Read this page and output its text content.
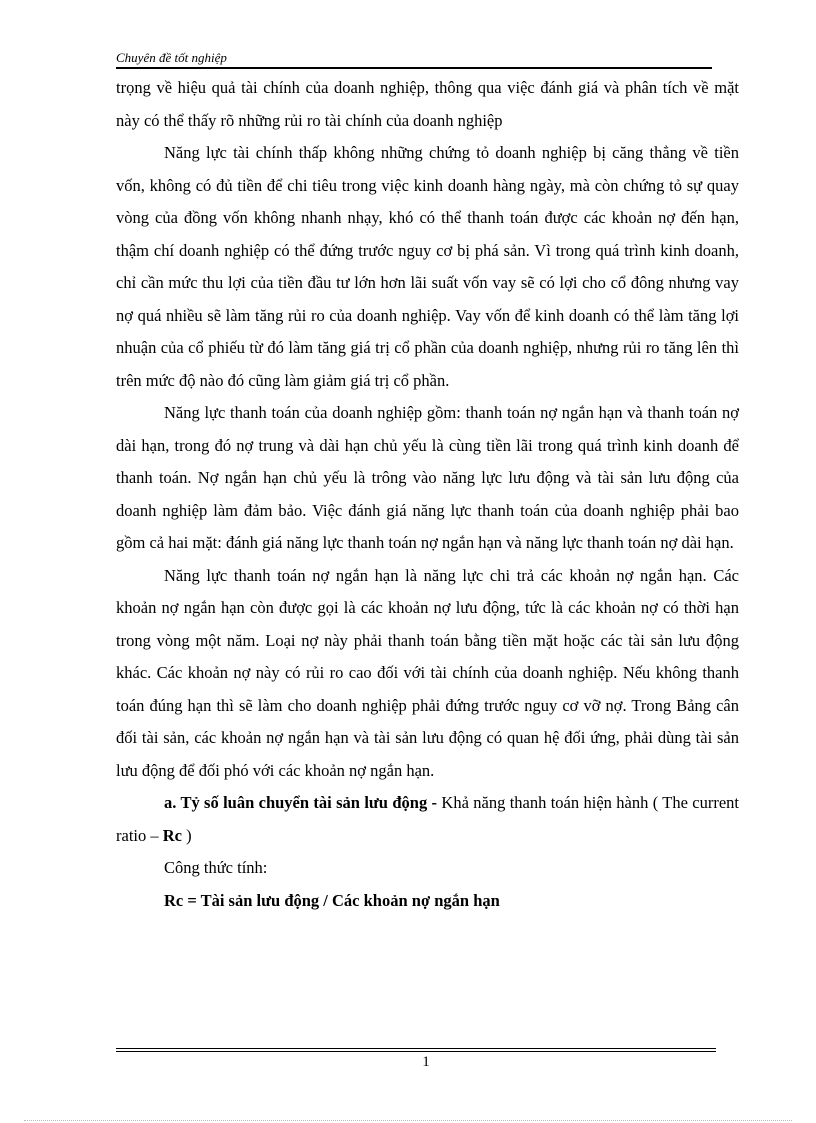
Chuyên đề tốt nghiệp

trọng về hiệu quả tài chính của doanh nghiệp, thông qua việc đánh giá và phân tích về mặt này có thể thấy rõ những rủi ro tài chính của doanh nghiệp

Năng lực tài chính thấp không những chứng tỏ doanh nghiệp bị căng thẳng về tiền vốn, không có đủ tiền để chi tiêu trong việc kinh doanh hàng ngày, mà còn chứng tỏ sự quay vòng của đồng vốn không nhanh nhạy, khó có thể thanh toán được các khoản nợ đến hạn, thậm chí doanh nghiệp có thể đứng trước nguy cơ bị phá sản. Vì trong quá trình kinh doanh, chỉ cần mức thu lợi của tiền đầu tư lớn hơn lãi suất vốn vay sẽ có lợi cho cổ đông nhưng vay nợ quá nhiều sẽ làm tăng rủi ro của doanh nghiệp. Vay vốn để kinh doanh có thể làm tăng lợi nhuận của cổ phiếu từ đó làm tăng giá trị cổ phần của doanh nghiệp, nhưng rủi ro tăng lên thì trên mức độ nào đó cũng làm giảm giá trị cổ phần.

Năng lực thanh toán của doanh nghiệp gồm: thanh toán nợ ngắn hạn và thanh toán nợ dài hạn, trong đó nợ trung và dài hạn chủ yếu là cùng tiền lãi trong quá trình kinh doanh để thanh toán. Nợ ngắn hạn chủ yếu là trông vào năng lực lưu động và tài sản lưu động của doanh nghiệp làm đảm bảo. Việc đánh giá năng lực thanh toán của doanh nghiệp phải bao gồm cả hai mặt: đánh giá năng lực thanh toán nợ ngắn hạn và năng lực thanh toán nợ dài hạn.

Năng lực thanh toán nợ ngắn hạn là năng lực chi trả các khoản nợ ngắn hạn. Các khoản nợ ngắn hạn còn được gọi là các khoản nợ lưu động, tức là các khoản nợ có thời hạn trong vòng một năm. Loại nợ này phải thanh toán bằng tiền mặt hoặc các tài sản lưu động khác. Các khoản nợ này có rủi ro cao đối với tài chính của doanh nghiệp. Nếu không thanh toán đúng hạn thì sẽ làm cho doanh nghiệp phải đứng trước nguy cơ vỡ nợ. Trong Bảng cân đối tài sản, các khoản nợ ngắn hạn và tài sản lưu động có quan hệ đối ứng, phải dùng tài sản lưu động để đối phó với các khoản nợ ngắn hạn.

a. Tỷ số luân chuyển tài sản lưu động - Khả năng thanh toán hiện hành ( The current ratio – Rc )

Công thức tính:

Rc = Tài sản lưu động / Các khoản nợ ngắn hạn

1
